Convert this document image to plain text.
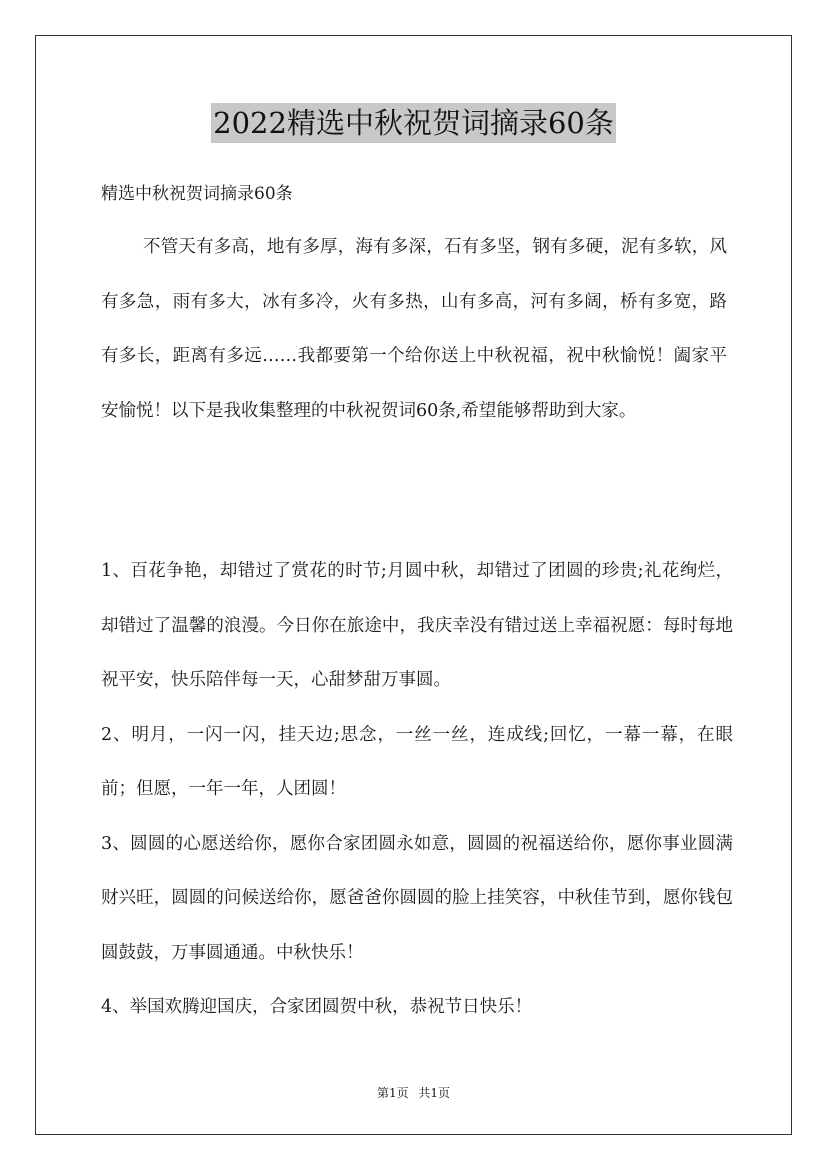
2022精选中秋祝贺词摘录60条
精选中秋祝贺词摘录60条

不管天有多高，地有多厚，海有多深，石有多坚，钢有多硬，泥有多软，风有多急，雨有多大，冰有多冷，火有多热，山有多高，河有多阔，桥有多宽，路有多长，距离有多远……我都要第一个给你送上中秋祝福，祝中秋愉悦！阖家平安愉悦！以下是我收集整理的中秋祝贺词60条,希望能够帮助到大家。

1、百花争艳，却错过了赏花的时节;月圆中秋，却错过了团圆的珍贵;礼花绚烂，却错过了温馨的浪漫。今日你在旅途中，我庆幸没有错过送上幸福祝愿：每时每地祝平安，快乐陪伴每一天，心甜梦甜万事圆。

2、明月，一闪一闪，挂天边;思念，一丝一丝，连成线;回忆，一幕一幕，在眼前；但愿，一年一年，人团圆！

3、圆圆的心愿送给你，愿你合家团圆永如意，圆圆的祝福送给你，愿你事业圆满财兴旺，圆圆的问候送给你，愿爸爸你圆圆的脸上挂笑容，中秋佳节到，愿你钱包圆鼓鼓，万事圆通通。中秋快乐！

4、举国欢腾迎国庆，合家团圆贺中秋，恭祝节日快乐！

第1页 共1页
